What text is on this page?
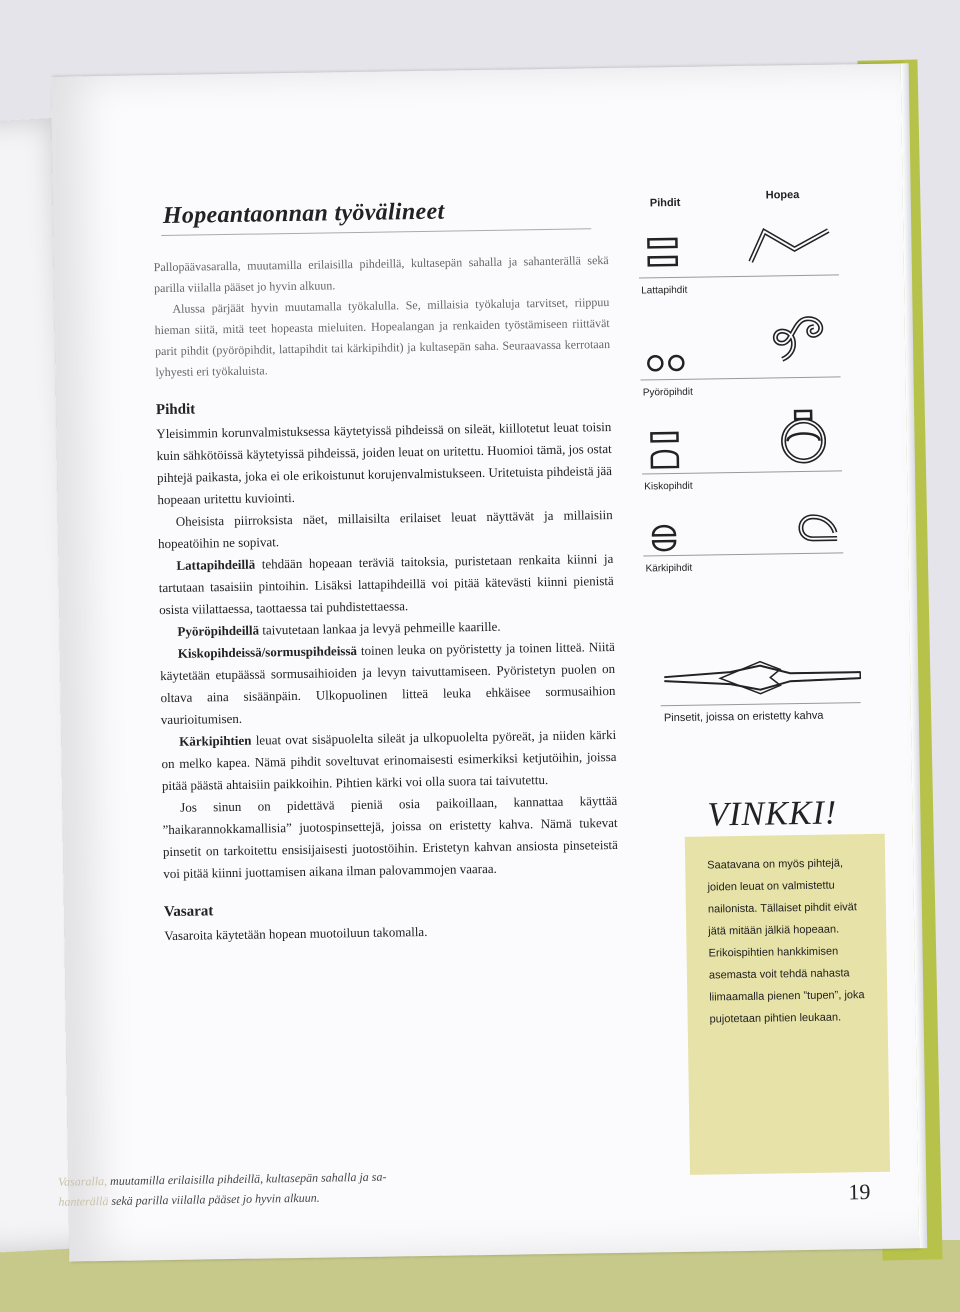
Hopeantaonnan työvälineet

Pallopäävasaralla, muutamilla erilaisilla pihdeillä, kultasepän sahalla ja sahanterällä sekä parilla viilalla pääset jo hyvin alkuun.

Alussa pärjäät hyvin muutamalla työkalulla. Se, millaisia työkaluja tarvitset, riippuu hieman siitä, mitä teet hopeasta mieluiten. Hopealangan ja renkaiden työstämiseen riittävät parit pihdit (pyöröpihdit, lattapihdit tai kärkipihdit) ja kultasepän saha. Seuraavassa kerrotaan lyhyesti eri työkaluista.

Pihdit

Yleisimmin korunvalmistuksessa käytetyissä pihdeissä on sileät, kiillotetut leuat toisin kuin sähkötöissä käytetyissä pihdeissä, joiden leuat on uritettu. Huomioi tämä, jos ostat pihtejä paikasta, joka ei ole erikoistunut korujenvalmistukseen. Uritetuista pihdeistä jää hopeaan uritettu kuviointi.

Oheisista piirroksista näet, millaisilta erilaiset leuat näyttävät ja millaisiin hopeatöihin ne sopivat.

Lattapihdeillä tehdään hopeaan teräviä taitoksia, puristetaan renkaita kiinni ja tartutaan tasaisiin pintoihin. Lisäksi lattapihdeillä voi pitää kätevästi kiinni pienistä osista viilattaessa, taottaessa tai puhdistettaessa.

Pyöröpihdeillä taivutetaan lankaa ja levyä pehmeille kaarille.

Kiskopihdeissä/sormuspihdeissä toinen leuka on pyöristetty ja toinen litteä. Niitä käytetään etupäässä sormusaihioiden ja levyn taivuttamiseen. Pyöristetyn puolen on oltava aina sisäänpäin. Ulkopuolinen litteä leuka ehkäisee sormusaihion vaurioitumisen.

Kärkipihtien leuat ovat sisäpuolelta sileät ja ulkopuolelta pyöreät, ja niiden kärki on melko kapea. Nämä pihdit soveltuvat erinomaisesti esimerkiksi ketjutöihin, joissa pitää päästä ahtaisiin paikkoihin. Pihtien kärki voi olla suora tai taivutettu.

Jos sinun on pidettävä pieniä osia paikoillaan, kannattaa käyttää ”haikarannokkamallisia” juotospinsettejä, joissa on eristetty kahva. Nämä tukevat pinsetit on tarkoitettu ensisijaisesti juotostöihin. Eristetyn kahvan ansiosta pinseteistä voi pitää kiinni juottamisen aikana ilman palovammojen vaaraa.

Vasarat

Vasaroita käytetään hopean muotoiluun takomalla.

Pihdit
Hopea
Lattapihdit
Pyöröpihdit
Kiskopihdit
Kärkipihdit
Pinsetit, joissa on eristetty kahva
VINKKI!
Saatavana on myös pihtejä, joiden leuat on valmistettu nailonista. Tällaiset pihdit eivät jätä mitään jälkiä hopeaan. Erikoispihtien hankkimisen asemasta voit tehdä nahasta liimaamalla pienen ”tupen”, joka pujotetaan pihtien leukaan.
Vasaralla, muutamilla erilaisilla pihdeillä, kultasepän sahalla ja sa-
hanterällä sekä parilla viilalla pääset jo hyvin alkuun.	19
